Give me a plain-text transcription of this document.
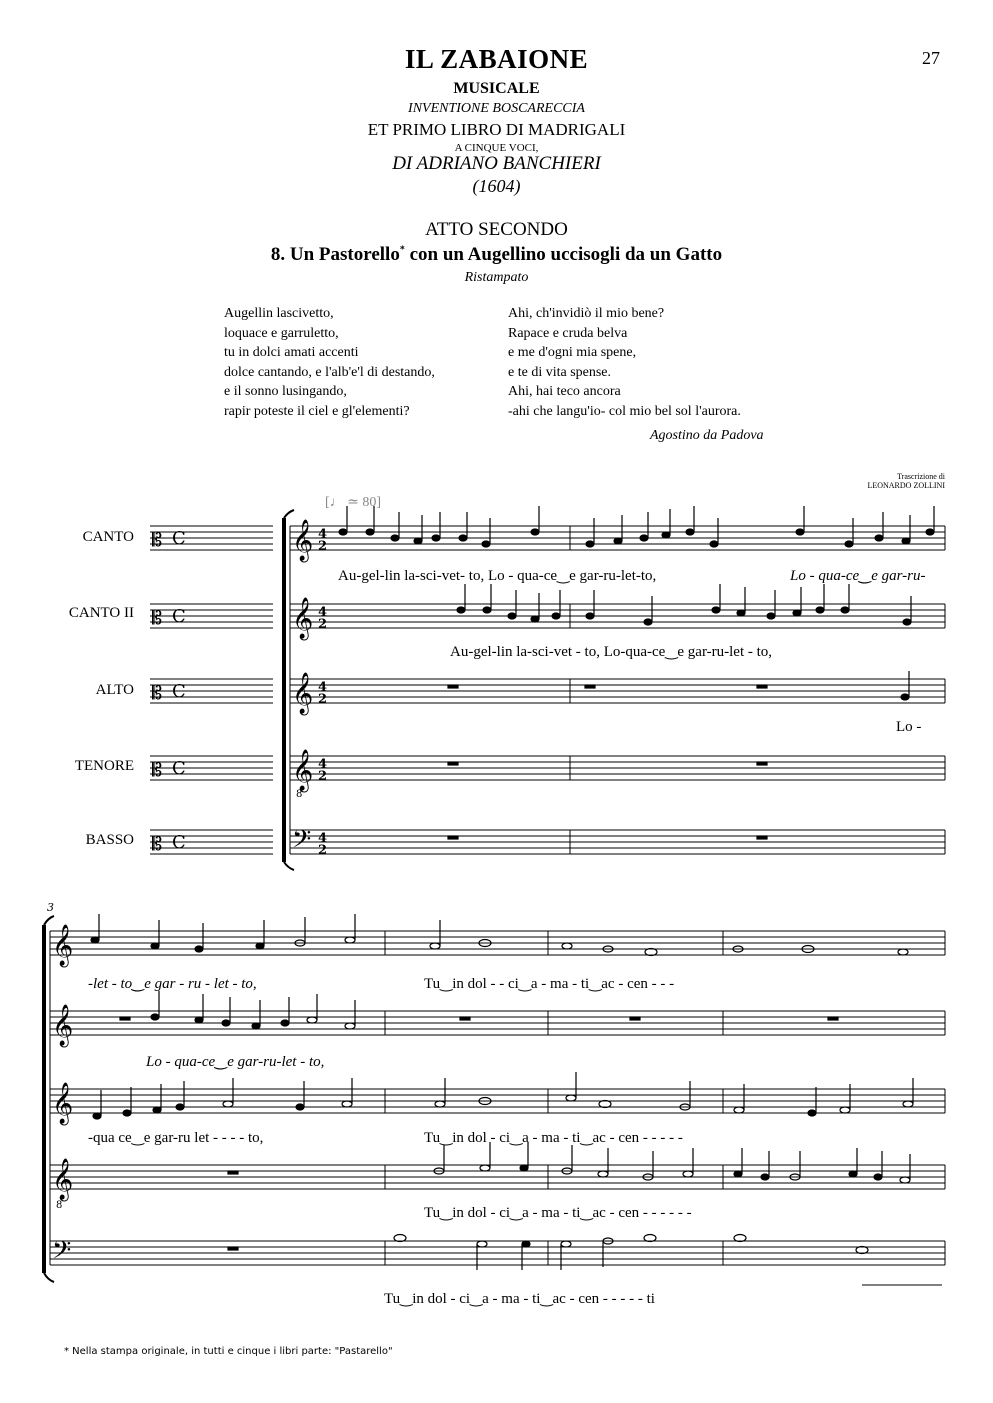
27
IL ZABAIONE
MUSICALE
INVENTIONE BOSCARECCIA
ET PRIMO LIBRO DI MADRIGALI
A CINQUE VOCI,
DI ADRIANO BANCHIERI
(1604)
ATTO SECONDO
8. Un Pastorello* con un Augellino uccisogli da un Gatto
Ristampato
Augellin lascivetto,
loquace e garruletto,
tu in dolci amati accenti
dolce cantando, e l'alb'e'l di destando,
e il sonno lusingando,
rapir poteste il ciel e gl'elementi?
Ahi, ch'invidiò il mio bene?
Rapace e cruda belva
e me d'ogni mia spene,
e te di vita spense.
Ahi, hai teco ancora
-ahi che langu'io- col mio bel sol l'aurora.
Agostino da Padova
Trascrizione di
LEONARDO ZOLLINI
CANTO
CANTO II
ALTO
TENORE
BASSO
[♩ ≃ 80]
𝄞
𝄞
𝄞
𝄞
𝄢
4
2
4
2
4
2
4
2
4
2
8
𝄡
𝄡
𝄡
𝄡
𝄡
C
C
C
C
C
3
𝄞
𝄞
𝄞
𝄞
8
𝄢
Au-gel-lin la-sci-vet- to, Lo - qua-ce‿e gar-ru-let-to,	Lo - qua-ce‿e gar-ru-
Au-gel-lin la-sci-vet - to, Lo-qua-ce‿e gar-ru-let - to,
Lo -
-let - to‿e gar - ru - let - to,	Tu‿in dol - - ci‿a - ma - ti‿ac - cen - - -
Lo - qua-ce‿e gar-ru-let - to,
-qua ce‿e gar-ru let - - - - to,	Tu‿in dol - ci‿a - ma - ti‿ac - cen - - - - -
Tu‿in dol - ci‿a - ma - ti‿ac - cen - - - - - -
Tu‿in dol - ci‿a - ma - ti‿ac - cen - - - - - ti
* Nella stampa originale, in tutti e cinque i libri parte: "Pastarello"
